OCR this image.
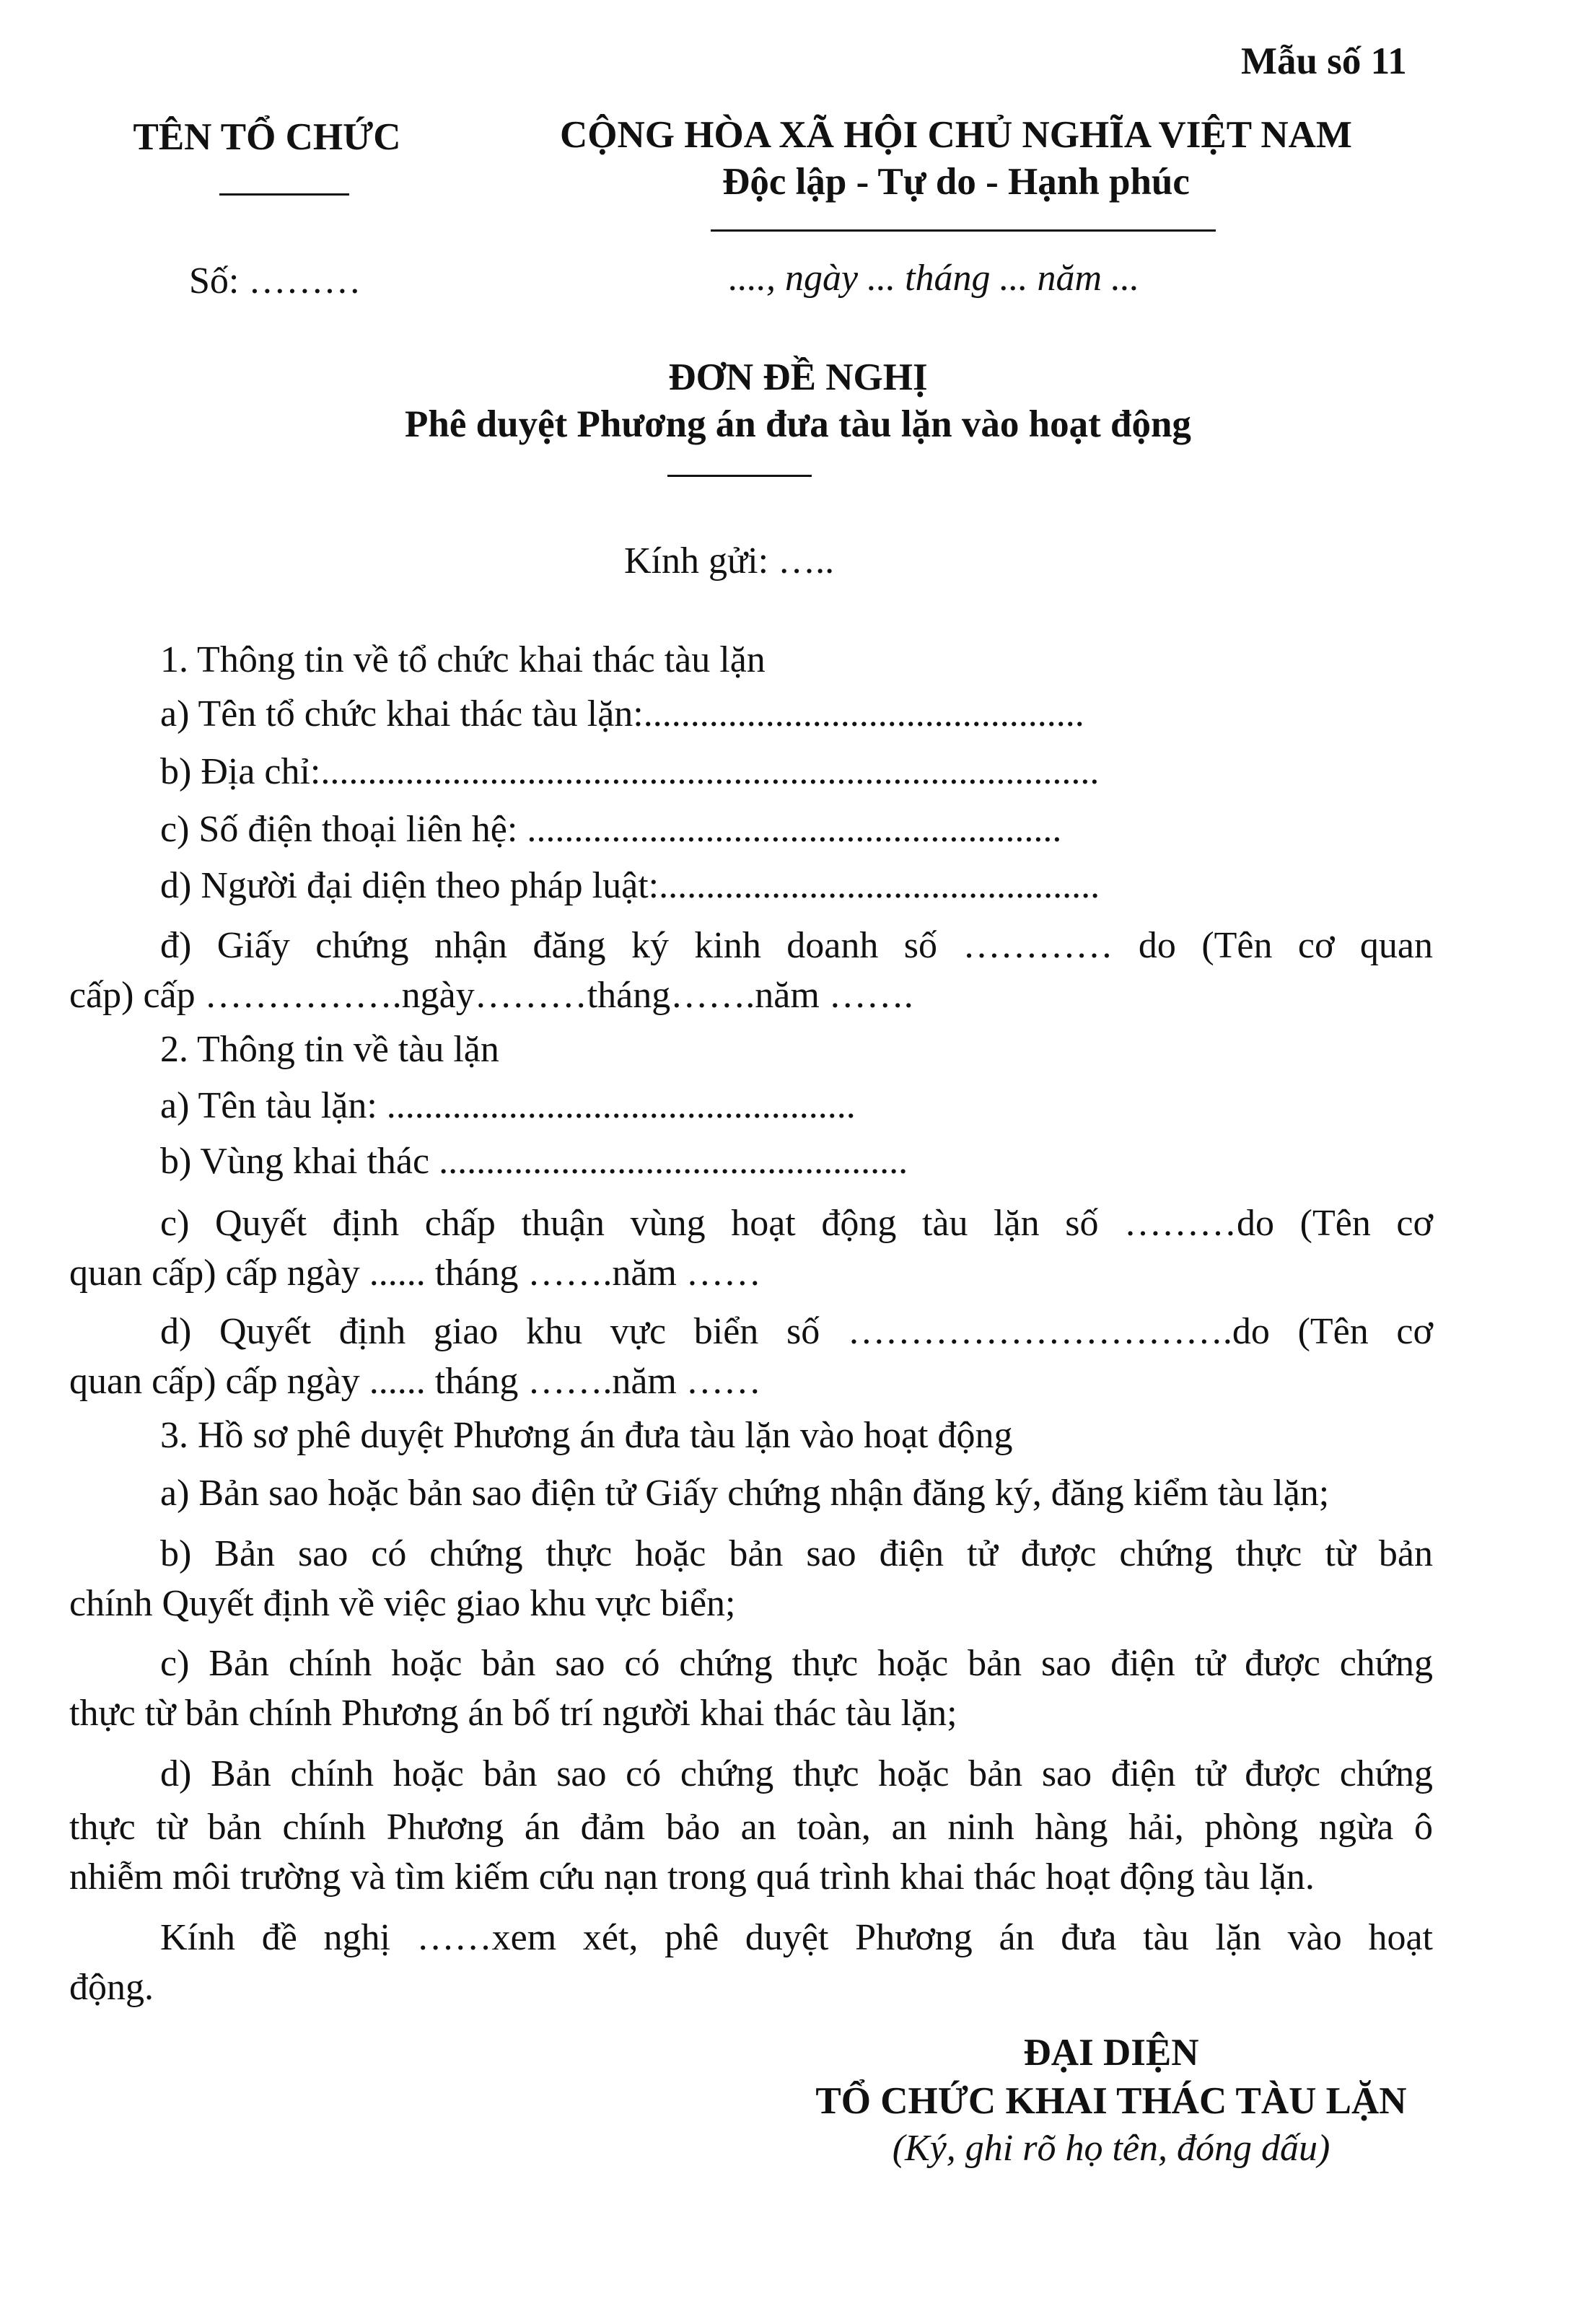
Mẫu số 11
TÊN TỔ CHỨC	CỘNG HÒA XÃ HỘI CHỦ NGHĨA VIỆT NAM
Độc lập - Tự do - Hạnh phúc
Số: ………	...., ngày ... tháng ... năm ...
ĐƠN ĐỀ NGHỊ
Phê duyệt Phương án đưa tàu lặn vào hoạt động
Kính gửi: …..
1. Thông tin về tổ chức khai thác tàu lặn
a) Tên tổ chức khai thác tàu lặn:...............................................
b) Địa chỉ:...................................................................................
c) Số điện thoại liên hệ: .........................................................
d) Người đại diện theo pháp luật:...............................................
đ) Giấy chứng nhận đăng ký kinh doanh số ………… do (Tên cơ quan
cấp) cấp …………….ngày………tháng…….năm …….
2. Thông tin về tàu lặn
a) Tên tàu lặn: ..................................................
b) Vùng khai thác ..................................................
c) Quyết định chấp thuận vùng hoạt động tàu lặn số ………do (Tên cơ
quan cấp) cấp ngày ...... tháng …….năm ……
d) Quyết định giao khu vực biển số ………………………….do (Tên cơ
quan cấp) cấp ngày ...... tháng …….năm ……
3. Hồ sơ phê duyệt Phương án đưa tàu lặn vào hoạt động
a) Bản sao hoặc bản sao điện tử Giấy chứng nhận đăng ký, đăng kiểm tàu lặn;
b) Bản sao có chứng thực hoặc bản sao điện tử được chứng thực từ bản
chính Quyết định về việc giao khu vực biển;
c) Bản chính hoặc bản sao có chứng thực hoặc bản sao điện tử được chứng
thực từ bản chính Phương án bố trí người khai thác tàu lặn;
d) Bản chính hoặc bản sao có chứng thực hoặc bản sao điện tử được chứng
thực từ bản chính Phương án đảm bảo an toàn, an ninh hàng hải, phòng ngừa ô
nhiễm môi trường và tìm kiếm cứu nạn trong quá trình khai thác hoạt động tàu lặn.
Kính đề nghị ……xem xét, phê duyệt Phương án đưa tàu lặn vào hoạt
động.
ĐẠI DIỆN
TỔ CHỨC KHAI THÁC TÀU LẶN
(Ký, ghi rõ họ tên, đóng dấu)
